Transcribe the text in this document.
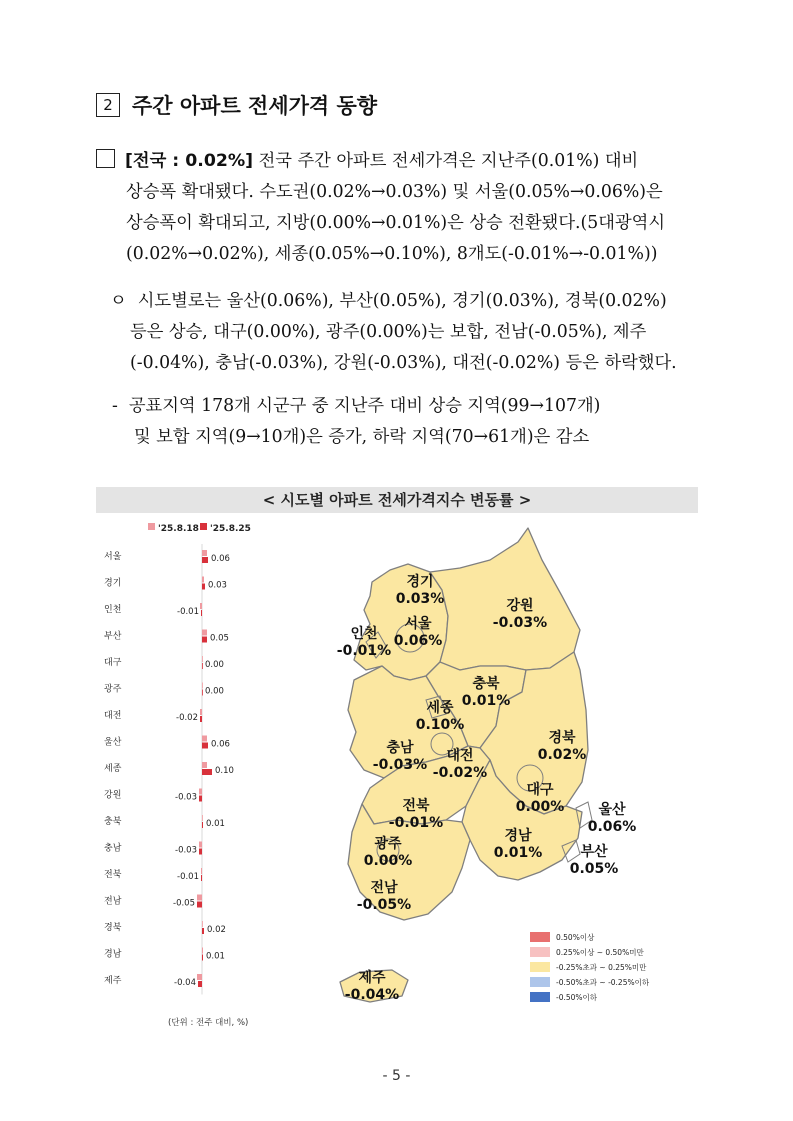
2 주간 아파트 전세가격 동향
[전국 : 0.02%] 전국 주간 아파트 전세가격은 지난주(0.01%) 대비
상승폭 확대됐다. 수도권(0.02%→0.03%) 및 서울(0.05%→0.06%)은
상승폭이 확대되고, 지방(0.00%→0.01%)은 상승 전환됐다.(5대광역시
(0.02%→0.02%), 세종(0.05%→0.10%), 8개도(-0.01%→-0.01%))
ㅇ 시도별로는 울산(0.06%), 부산(0.05%), 경기(0.03%), 경북(0.02%)
등은 상승, 대구(0.00%), 광주(0.00%)는 보합, 전남(-0.05%), 제주
(-0.04%), 충남(-0.03%), 강원(-0.03%), 대전(-0.02%) 등은 하락했다.
- 공표지역 178개 시군구 중 지난주 대비 상승 지역(99→107개)
및 보합 지역(9→10개)은 증가, 하락 지역(70→61개)은 감소
< 시도별 아파트 전세가격지수 변동률 >
'25.8.18 '25.8.25
서울	0.06
경기	0.03
인천	-0.01
부산	0.05
대구	0.00
광주	0.00
대전	-0.02
울산	0.06
세종	0.10
강원	-0.03
충북	0.01
충남	-0.03
전북	-0.01
전남	-0.05
경북	0.02
경남	0.01
제주	-0.04
(단위 : 전주 대비, %)
경기
0.03%	강원
-0.03%
인천
-0.01%
서울
0.06%
충북
0.01%
세종
0.10%
경북
0.02%
충남
-0.03%
대전
-0.02%
대구
0.00%
전북
-0.01%
울산
0.06%
경남
0.01%
광주
0.00%
부산
0.05%
전남
-0.05%
제주
-0.04%
0.50%이상
0.25%이상 ~ 0.50%미만
-0.25%초과 ~ 0.25%미만
-0.50%초과 ~ -0.25%이하
-0.50%이하
- 5 -
